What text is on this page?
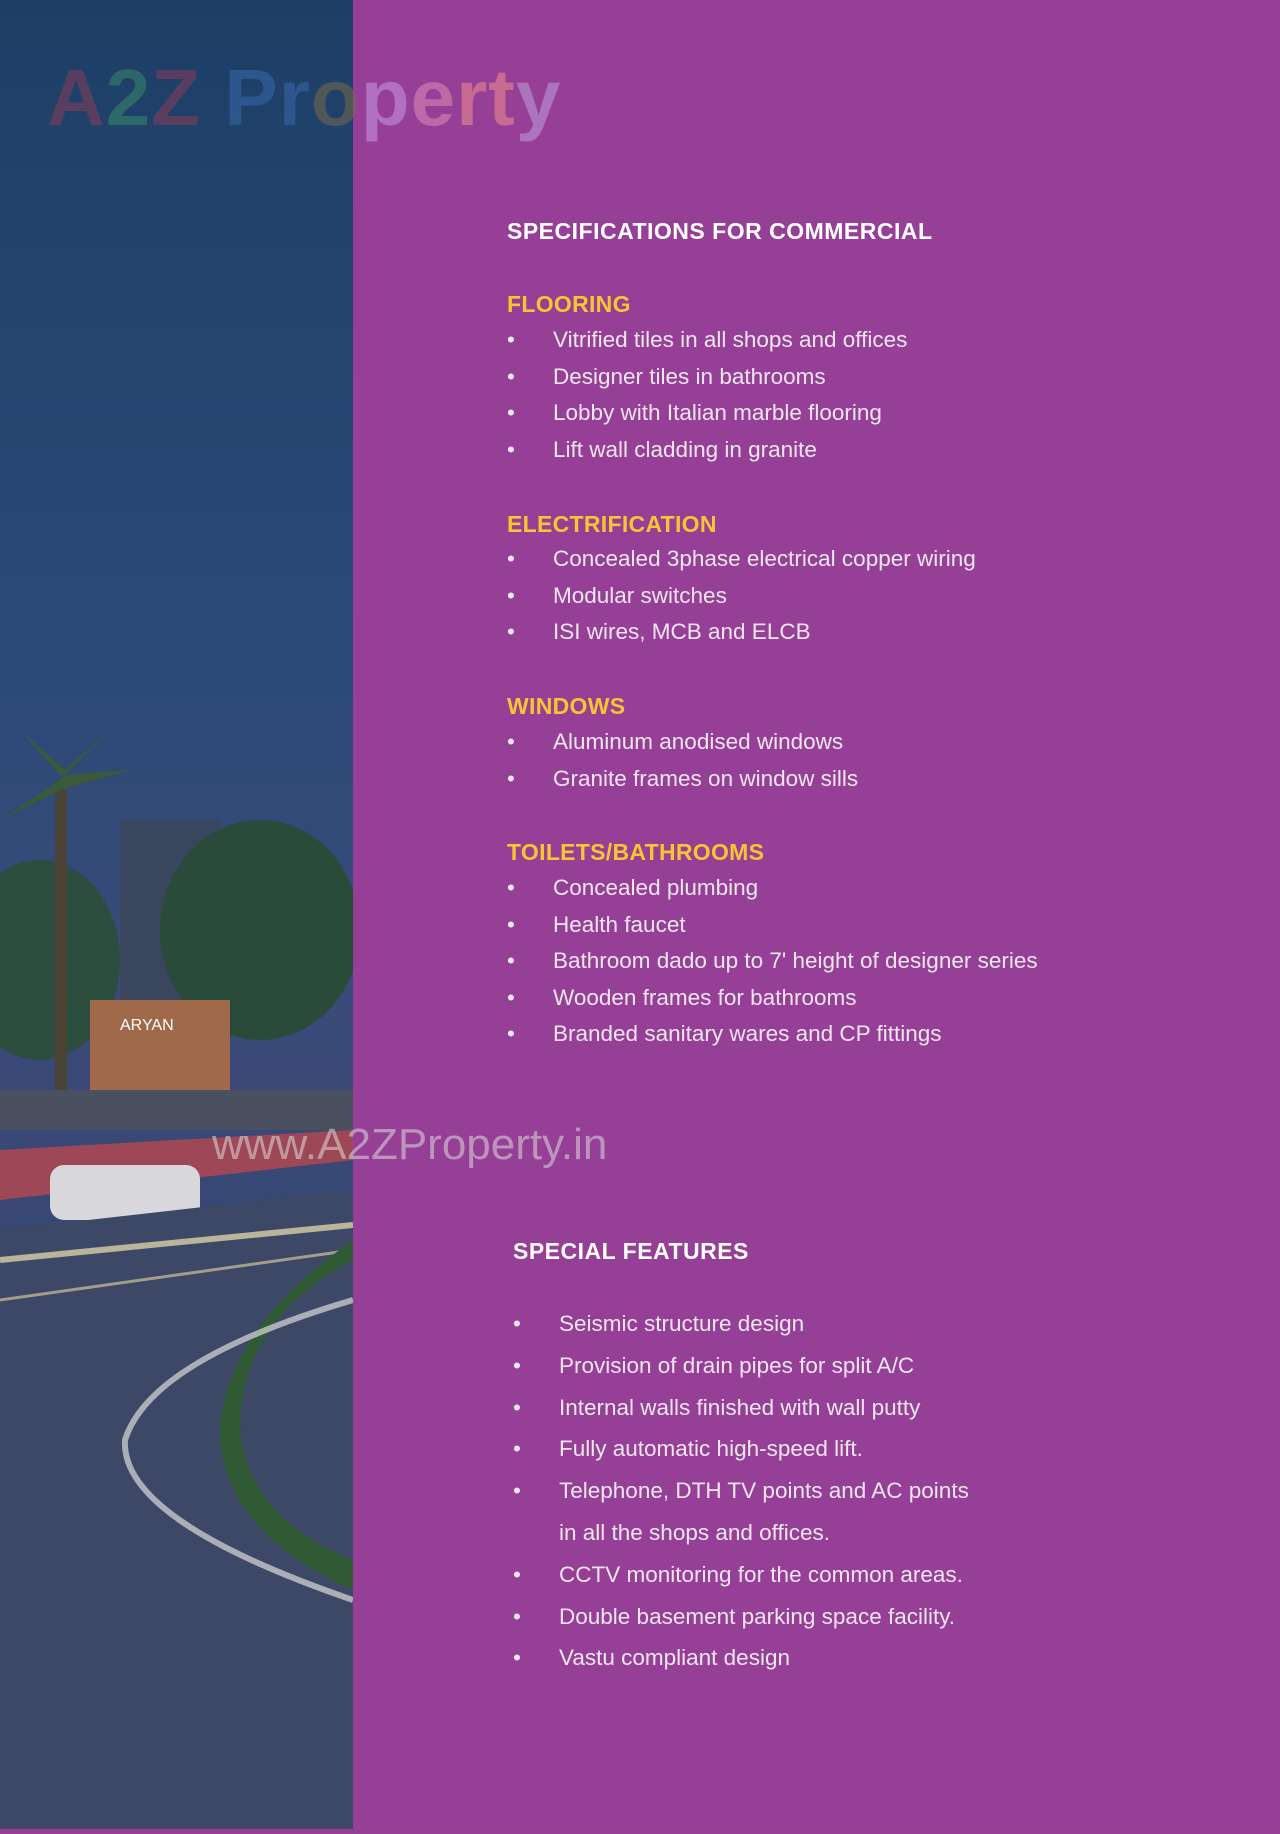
ARYAN
A2Z Property
SPECIFICATIONS FOR COMMERCIAL
FLOORING
• Vitrified tiles in all shops and offices
• Designer tiles in bathrooms
• Lobby with Italian marble flooring
• Lift wall cladding in granite
ELECTRIFICATION
• Concealed 3phase electrical copper wiring
• Modular switches
• ISI wires, MCB and ELCB
WINDOWS
• Aluminum anodised windows
• Granite frames on window sills
TOILETS/BATHROOMS
• Concealed plumbing
• Health faucet
• Bathroom dado up to 7' height of designer series
• Wooden frames for bathrooms
• Branded sanitary wares and CP fittings
www.A2ZProperty.in
SPECIAL FEATURES
• Seismic structure design
• Provision of drain pipes for split A/C
• Internal walls finished with wall putty
• Fully automatic high-speed lift.
• Telephone, DTH TV points and AC points
in all the shops and offices.
• CCTV monitoring for the common areas.
• Double basement parking space facility.
• Vastu compliant design
